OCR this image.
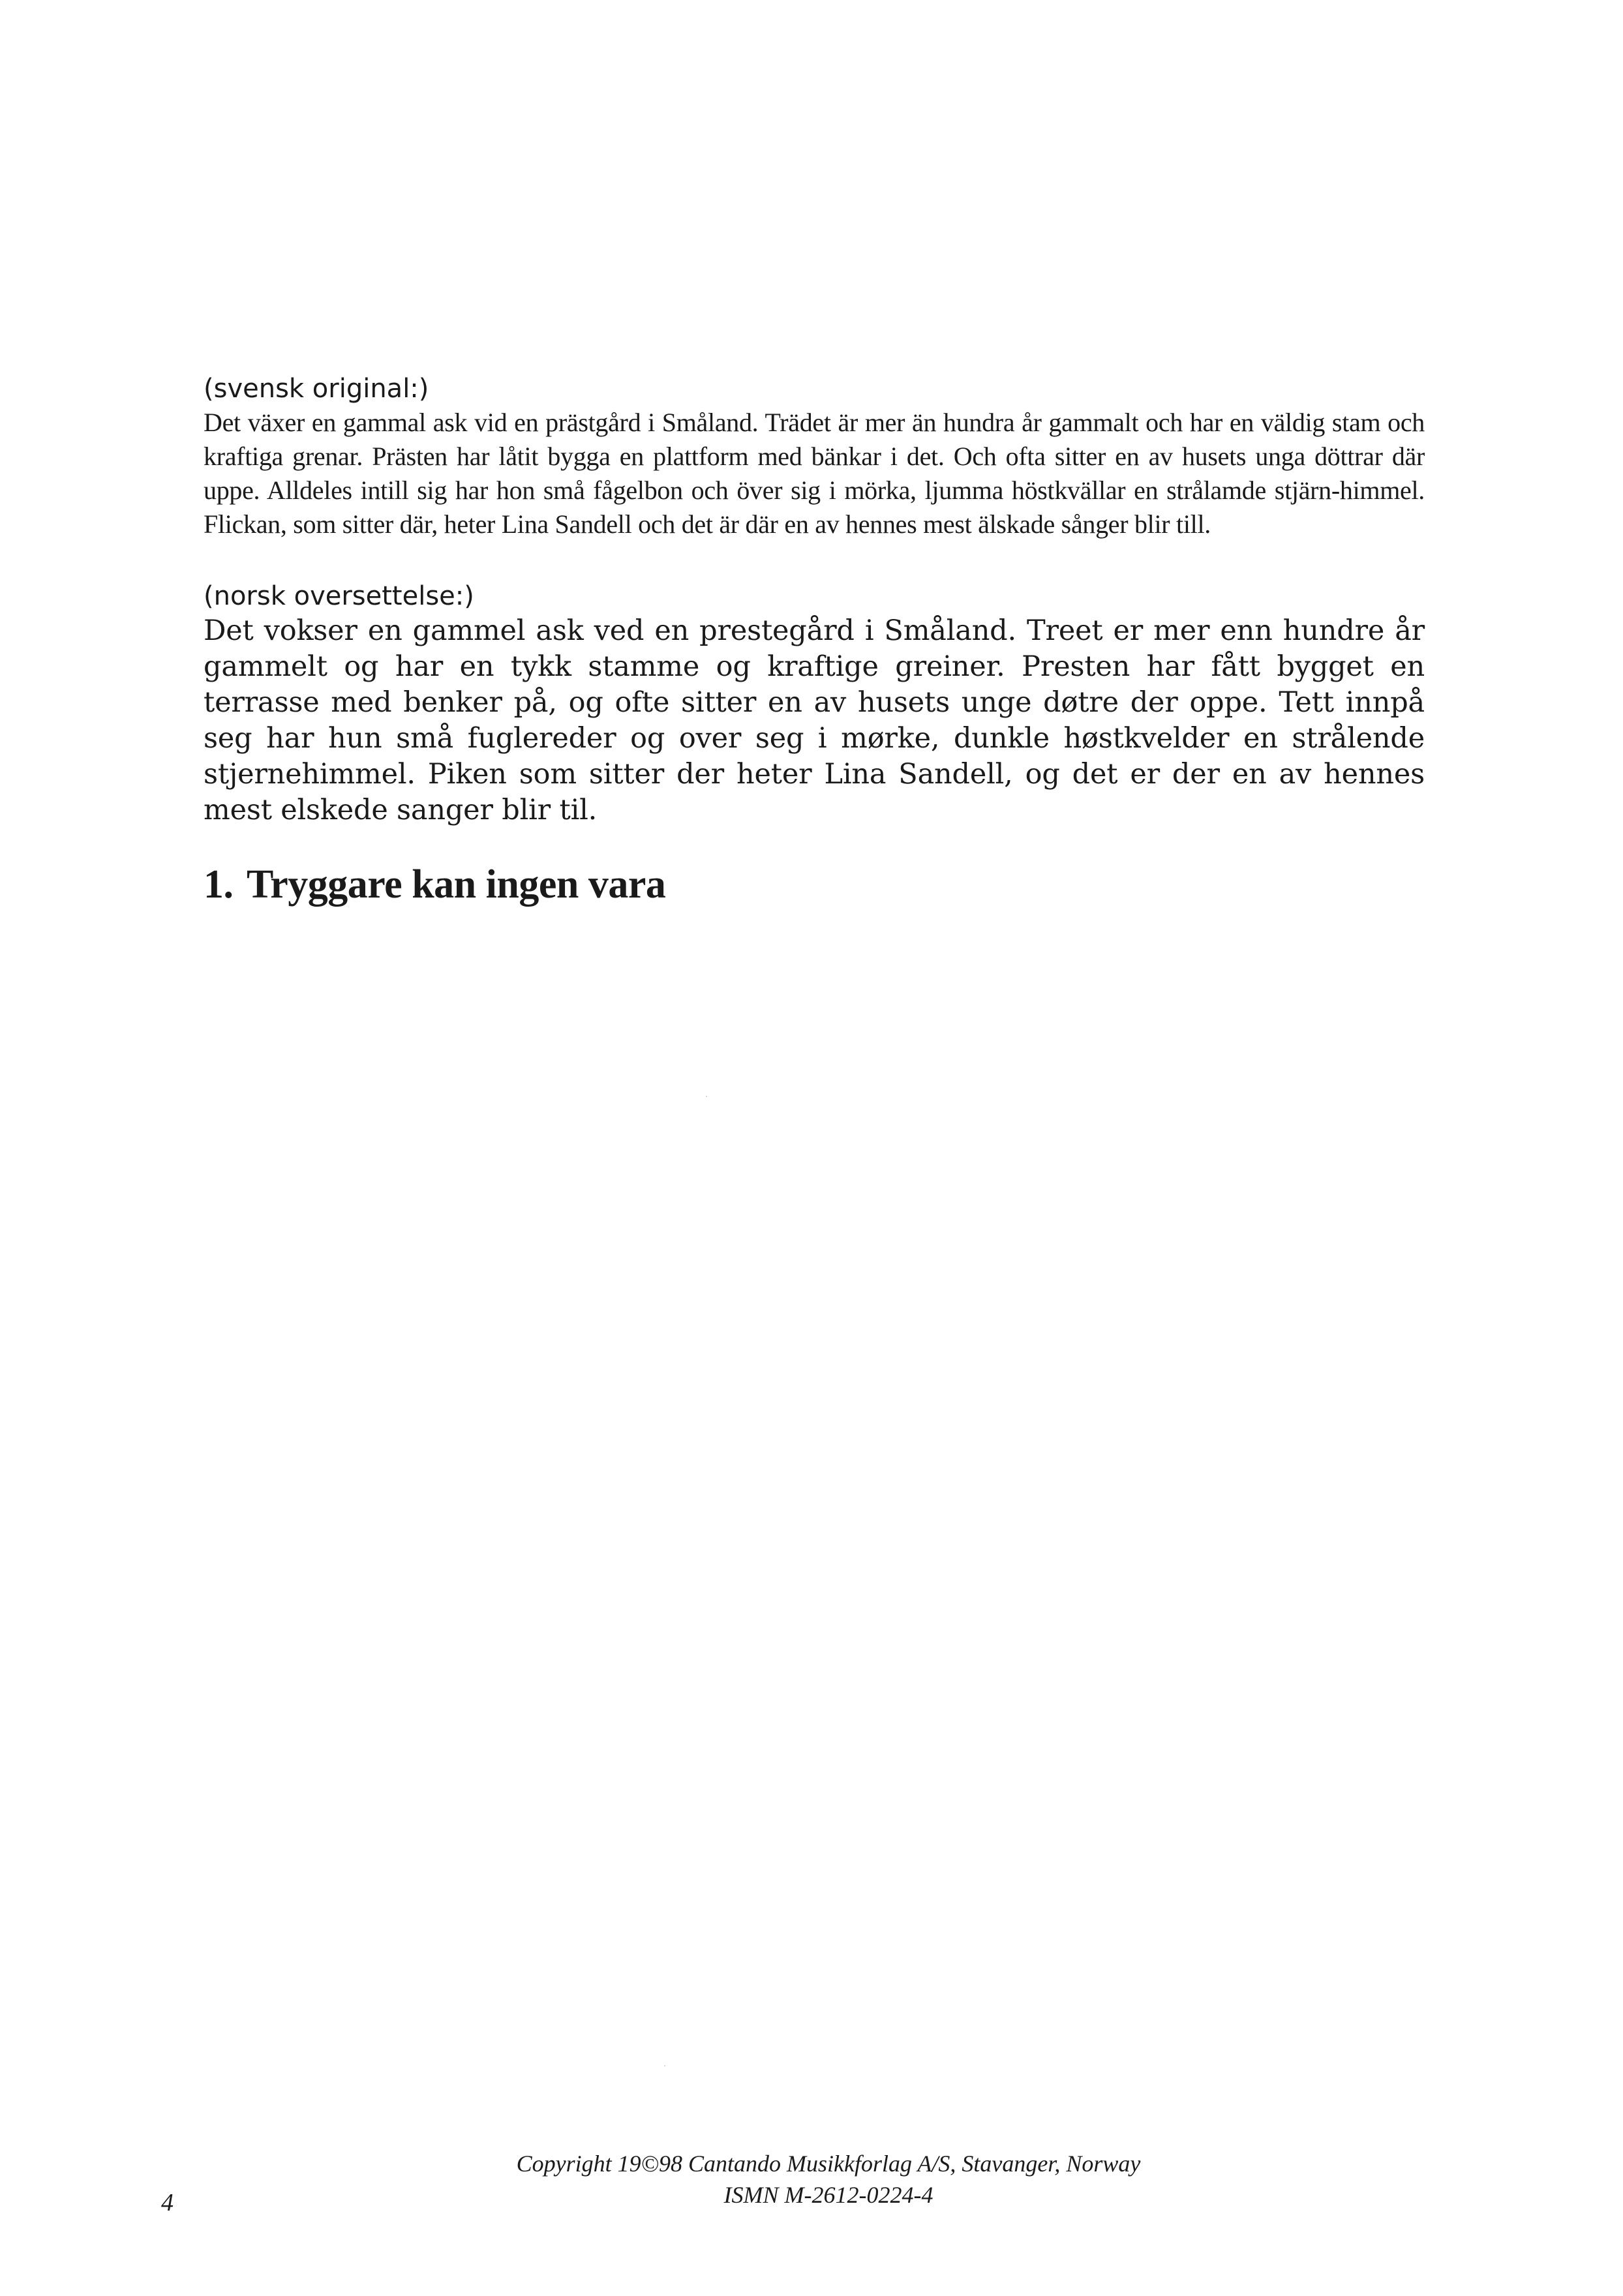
(svensk original:)

Det växer en gammal ask vid en prästgård i Småland. Trädet är mer än hundra år gammalt och har en väldig stam och kraftiga grenar. Prästen har låtit bygga en plattform med bänkar i det. Och ofta sitter en av husets unga döttrar där uppe. Alldeles intill sig har hon små fågelbon och över sig i mörka, ljumma höstkvällar en strålamde stjärn-himmel. Flickan, som sitter där, heter Lina Sandell och det är där en av hennes mest älskade sånger blir till.

(norsk oversettelse:)

Det vokser en gammel ask ved en prestegård i Småland. Treet er mer enn hundre år gammelt og har en tykk stamme og kraftige greiner. Presten har fått bygget en terrasse med benker på, og ofte sitter en av husets unge døtre der oppe. Tett innpå seg har hun små fuglereder og over seg i mørke, dunkle høstkvelder en strålende stjernehimmel. Piken som sitter der heter Lina Sandell, og det er der en av hennes mest elskede sanger blir til.

1. Tryggare kan ingen vara
4
Copyright 19©98 Cantando Musikkforlag A/S, Stavanger, Norway
ISMN M-2612-0224-4
